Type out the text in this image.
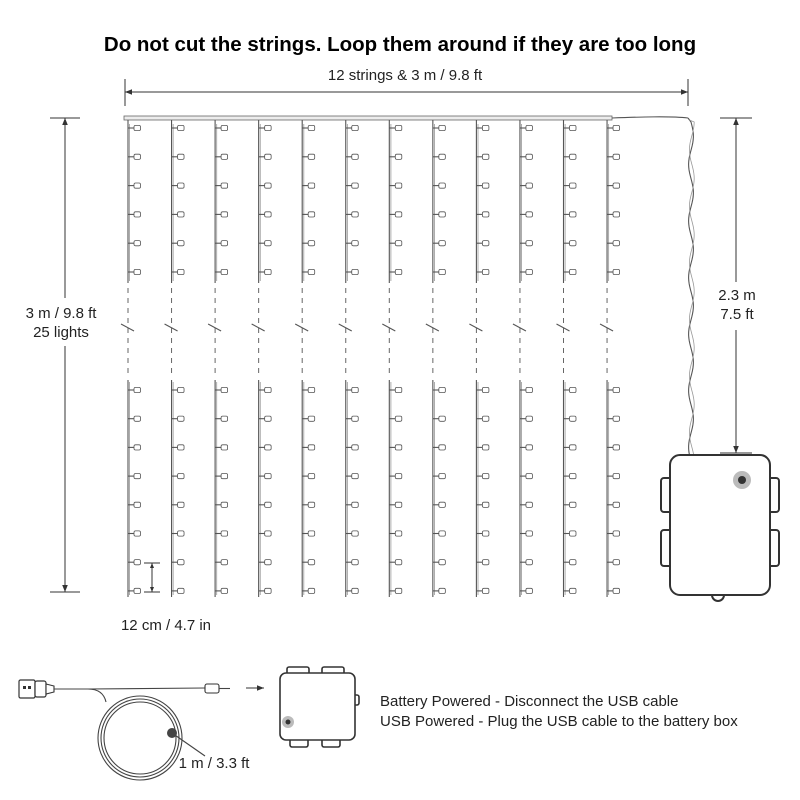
Do not cut the strings. Loop them around if they are too long
12 strings & 3 m / 9.8 ft
3 m / 9.8 ft
25 lights
2.3 m
7.5 ft
12 cm / 4.7 in
1 m / 3.3 ft
Battery Powered - Disconnect the USB cable
USB Powered - Plug the USB cable to the battery box
